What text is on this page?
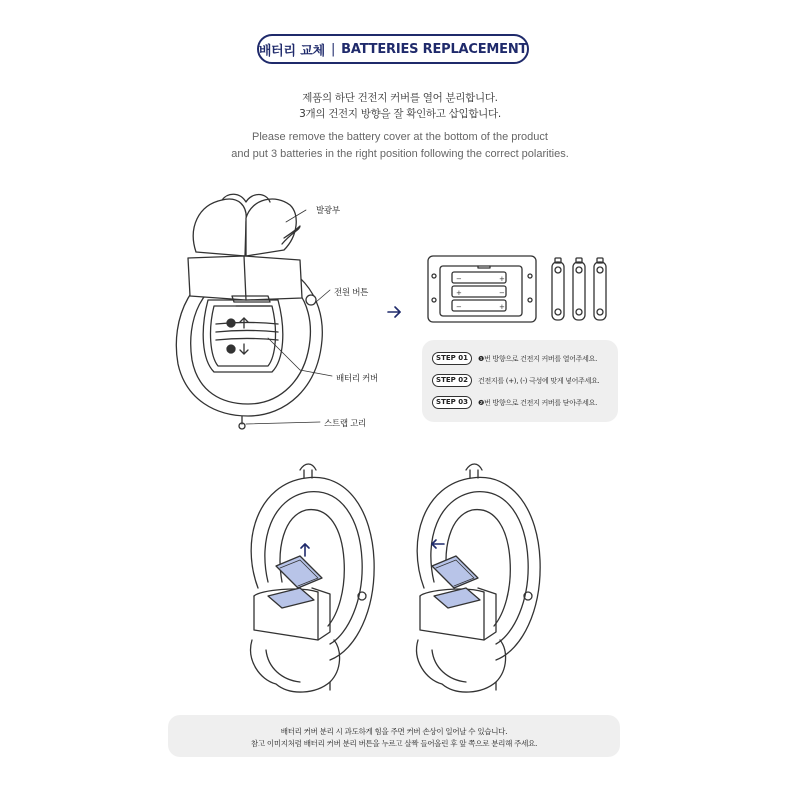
배터리 교체 | BATTERIES REPLACEMENT
제품의 하단 건전지 커버를 열어 분리합니다.
3개의 건전지 방향을 잘 확인하고 삽입합니다.
Please remove the battery cover at the bottom of the product
and put 3 batteries in the right position following the correct polarities.
−	+
+	−
−	+
발광부
전원 버튼
배터리 커버
스트랩 고리
STEP 01	❶번 방향으로 건전지 커버를 열어주세요.
STEP 02	건전지를 (+), (-) 극성에 맞게 넣어주세요.
STEP 03	❷번 방향으로 건전지 커버를 닫아주세요.
배터리 커버 분리 시 과도하게 힘을 주면 커버 손상이 일어날 수 있습니다.
참고 이미지처럼 배터리 커버 분리 버튼을 누르고 살짝 들어올린 후 앞 쪽으로 분리해 주세요.
